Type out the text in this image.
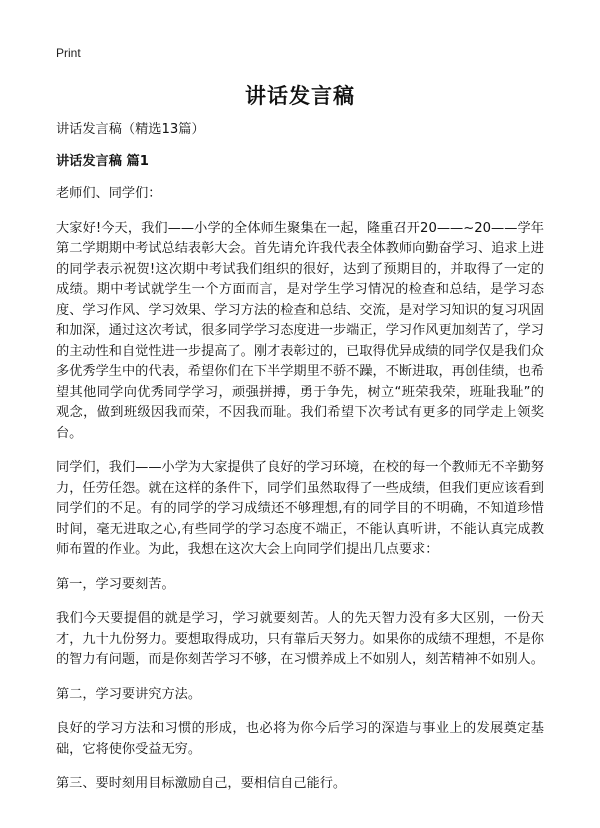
Print
讲话发言稿
讲话发言稿（精选13篇）
讲话发言稿 篇1

老师们、同学们：

大家好!今天，我们——小学的全体师生聚集在一起，隆重召开20——~20——学年第二学期期中考试总结表彰大会。首先请允许我代表全体教师向勤奋学习、追求上进的同学表示祝贺!这次期中考试我们组织的很好，达到了预期目的，并取得了一定的成绩。期中考试就学生一个方面而言，是对学生学习情况的检查和总结，是学习态度、学习作风、学习效果、学习方法的检查和总结、交流，是对学习知识的复习巩固和加深，通过这次考试，很多同学学习态度进一步端正，学习作风更加刻苦了，学习的主动性和自觉性进一步提高了。刚才表彰过的，已取得优异成绩的同学仅是我们众多优秀学生中的代表，希望你们在下半学期里不骄不躁，不断进取，再创佳绩，也希望其他同学向优秀同学学习，顽强拼搏，勇于争先，树立“班荣我荣，班耻我耻”的观念，做到班级因我而荣，不因我而耻。我们希望下次考试有更多的同学走上领奖台。

同学们，我们——小学为大家提供了良好的学习环境，在校的每一个教师无不辛勤努力，任劳任怨。就在这样的条件下，同学们虽然取得了一些成绩，但我们更应该看到同学们的不足。有的同学的学习成绩还不够理想,有的同学目的不明确，不知道珍惜时间，毫无进取之心,有些同学的学习态度不端正，不能认真听讲，不能认真完成教师布置的作业。为此，我想在这次大会上向同学们提出几点要求：

第一，学习要刻苦。

我们今天要提倡的就是学习，学习就要刻苦。人的先天智力没有多大区别，一份天才，九十九份努力。要想取得成功，只有靠后天努力。如果你的成绩不理想，不是你的智力有问题，而是你刻苦学习不够，在习惯养成上不如别人，刻苦精神不如别人。

第二，学习要讲究方法。

良好的学习方法和习惯的形成，也必将为你今后学习的深造与事业上的发展奠定基础，它将使你受益无穷。

第三、要时刻用目标激励自己，要相信自己能行。
